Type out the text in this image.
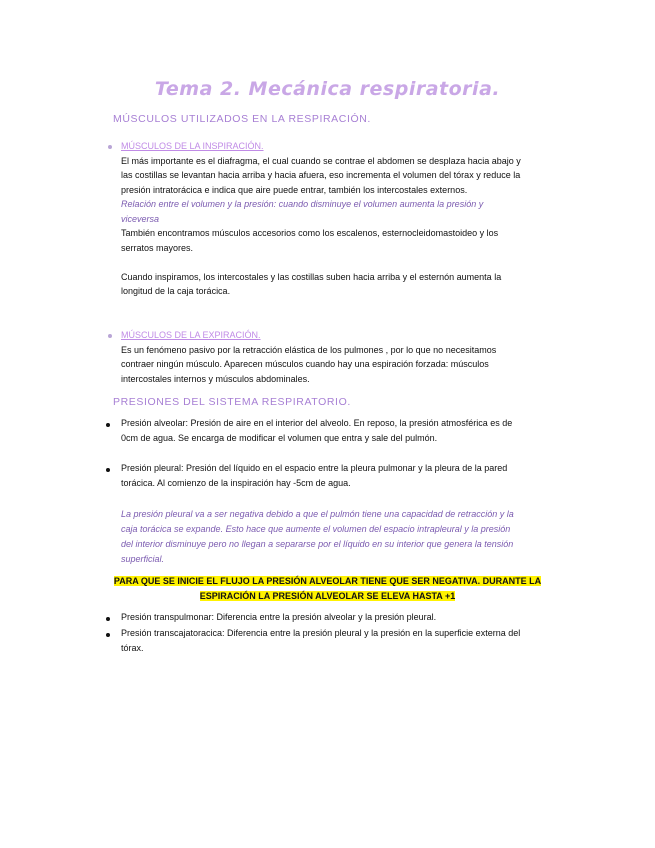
Tema 2. Mecánica respiratoria.
MÚSCULOS UTILIZADOS EN LA RESPIRACIÓN.

MÚSCULOS DE LA INSPIRACIÓN.

El más importante es el diafragma, el cual cuando se contrae el abdomen se desplaza hacia abajo y las costillas se levantan hacia arriba y hacia afuera, eso incrementa el volumen del tórax y reduce la presión intratorácica e indica que aire puede entrar, también los intercostales externos.

Relación entre el volumen y la presión: cuando disminuye el volumen aumenta la presión y viceversa

También encontramos músculos accesorios como los escalenos, esternocleidomastoideo y los serratos mayores.

Cuando inspiramos, los intercostales y las costillas suben hacia arriba y el esternón aumenta la longitud de la caja torácica.

MÚSCULOS DE LA EXPIRACIÓN.

Es un fenómeno pasivo por la retracción elástica de los pulmones , por lo que no necesitamos contraer ningún músculo. Aparecen músculos cuando hay una espiración forzada: músculos intercostales internos y músculos abdominales.

PRESIONES DEL SISTEMA RESPIRATORIO.

Presión alveolar: Presión de aire en el interior del alveolo. En reposo, la presión atmosférica es de 0cm de agua. Se encarga de modificar el volumen que entra y sale del pulmón.

Presión pleural: Presión del líquido en el espacio entre la pleura pulmonar y la pleura de la pared torácica. Al comienzo de la inspiración hay -5cm de agua.

La presión pleural va a ser negativa debido a que el pulmón tiene una capacidad de retracción y la caja torácica se expande. Esto hace que aumente el volumen del espacio intrapleural y la presión del interior disminuye pero no llegan a separarse por el líquido en su interior que genera la tensión superficial.

PARA QUE SE INICIE EL FLUJO LA PRESIÓN ALVEOLAR TIENE QUE SER NEGATIVA. DURANTE LA
ESPIRACIÓN LA PRESIÓN ALVEOLAR SE ELEVA HASTA +1

Presión transpulmonar: Diferencia entre la presión alveolar y la presión pleural.

Presión transcajatoracica: Diferencia entre la presión pleural y la presión en la superficie externa del tórax.
